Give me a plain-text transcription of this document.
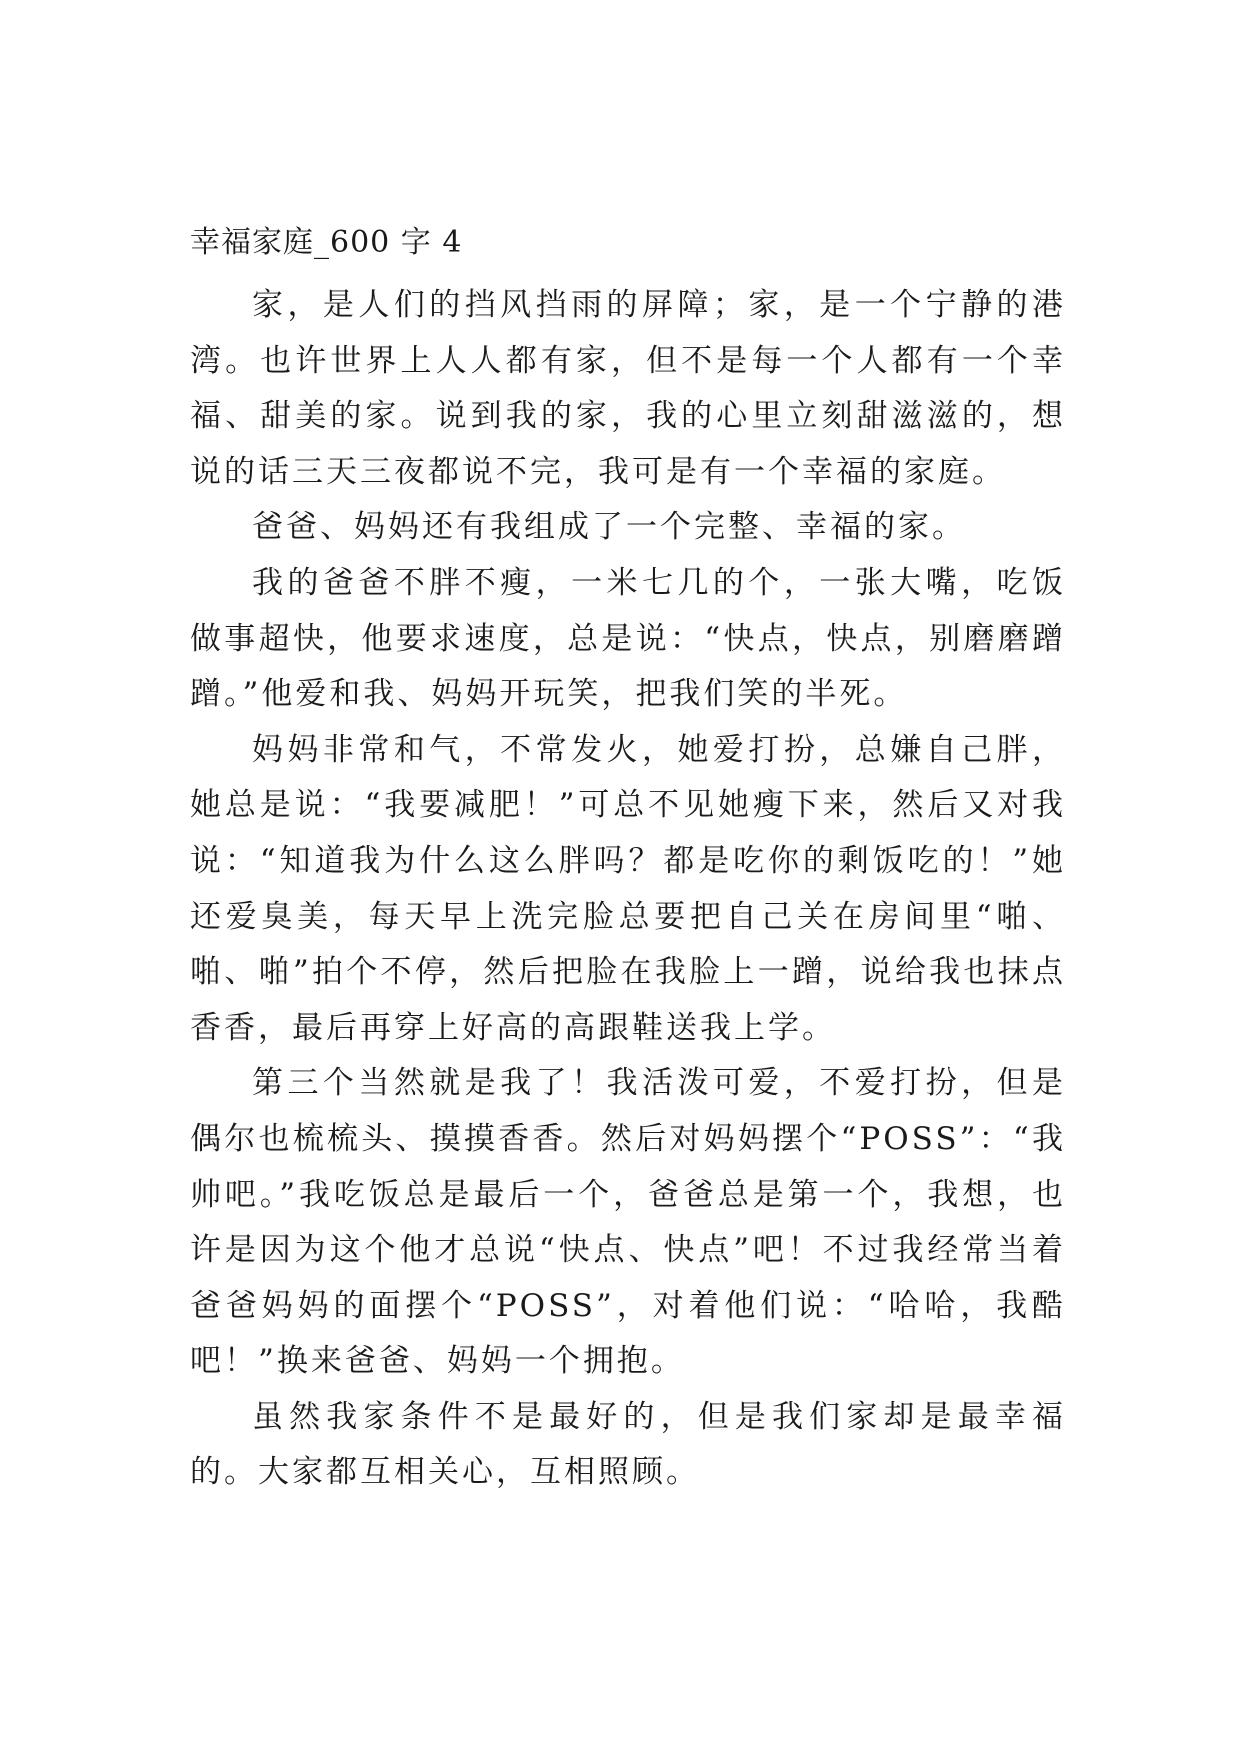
幸福家庭_600 字 4

家，是人们的挡风挡雨的屏障；家，是一个宁静的港湾。也许世界上人人都有家，但不是每一个人都有一个幸福、甜美的家。说到我的家，我的心里立刻甜滋滋的，想说的话三天三夜都说不完，我可是有一个幸福的家庭。

爸爸、妈妈还有我组成了一个完整、幸福的家。

我的爸爸不胖不瘦，一米七几的个，一张大嘴，吃饭做事超快，他要求速度，总是说：“快点，快点，别磨磨蹭蹭。”他爱和我、妈妈开玩笑，把我们笑的半死。

妈妈非常和气，不常发火，她爱打扮，总嫌自己胖，她总是说：“我要减肥！”可总不见她瘦下来，然后又对我说：“知道我为什么这么胖吗？都是吃你的剩饭吃的！”她还爱臭美，每天早上洗完脸总要把自己关在房间里“啪、啪、啪”拍个不停，然后把脸在我脸上一蹭，说给我也抹点香香，最后再穿上好高的高跟鞋送我上学。

第三个当然就是我了！我活泼可爱，不爱打扮，但是偶尔也梳梳头、摸摸香香。然后对妈妈摆个“POSS”：“我帅吧。”我吃饭总是最后一个，爸爸总是第一个，我想，也许是因为这个他才总说“快点、快点”吧！不过我经常当着爸爸妈妈的面摆个“POSS”，对着他们说：“哈哈，我酷吧！”换来爸爸、妈妈一个拥抱。

虽然我家条件不是最好的，但是我们家却是最幸福的。大家都互相关心，互相照顾。
